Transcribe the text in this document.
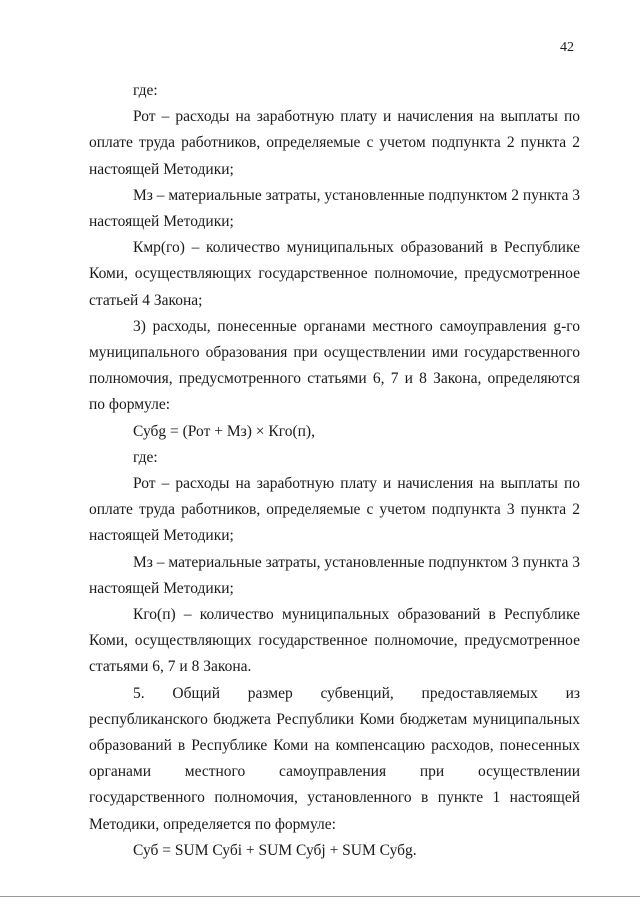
42

где:

Рот – расходы на заработную плату и начисления на выплаты по оплате труда работников, определяемые с учетом подпункта 2 пункта 2 настоящей Методики;

Мз – материальные затраты, установленные подпунктом 2 пункта 3 настоящей Методики;

Кмр(го) – количество муниципальных образований в Республике Коми, осуществляющих государственное полномочие, предусмотренное статьей 4 Закона;

3) расходы, понесенные органами местного самоуправления g-го муниципального образования при осуществлении ими государственного полномочия, предусмотренного статьями 6, 7 и 8 Закона, определяются по формуле:

Субg = (Рот + Мз) × Кго(п),

где:

Рот – расходы на заработную плату и начисления на выплаты по оплате труда работников, определяемые с учетом подпункта 3 пункта 2 настоящей Методики;

Мз – материальные затраты, установленные подпунктом 3 пункта 3 настоящей Методики;

Кго(п) – количество муниципальных образований в Республике Коми, осуществляющих государственное полномочие, предусмотренное статьями 6, 7 и 8 Закона.

5. Общий размер субвенций, предоставляемых из республиканского бюджета Республики Коми бюджетам муниципальных образований в Республике Коми на компенсацию расходов, понесенных органами местного самоуправления при осуществлении государственного полномочия, установленного в пункте 1 настоящей Методики, определяется по формуле:

Суб = SUM Субi + SUM Субj + SUM Субg.
